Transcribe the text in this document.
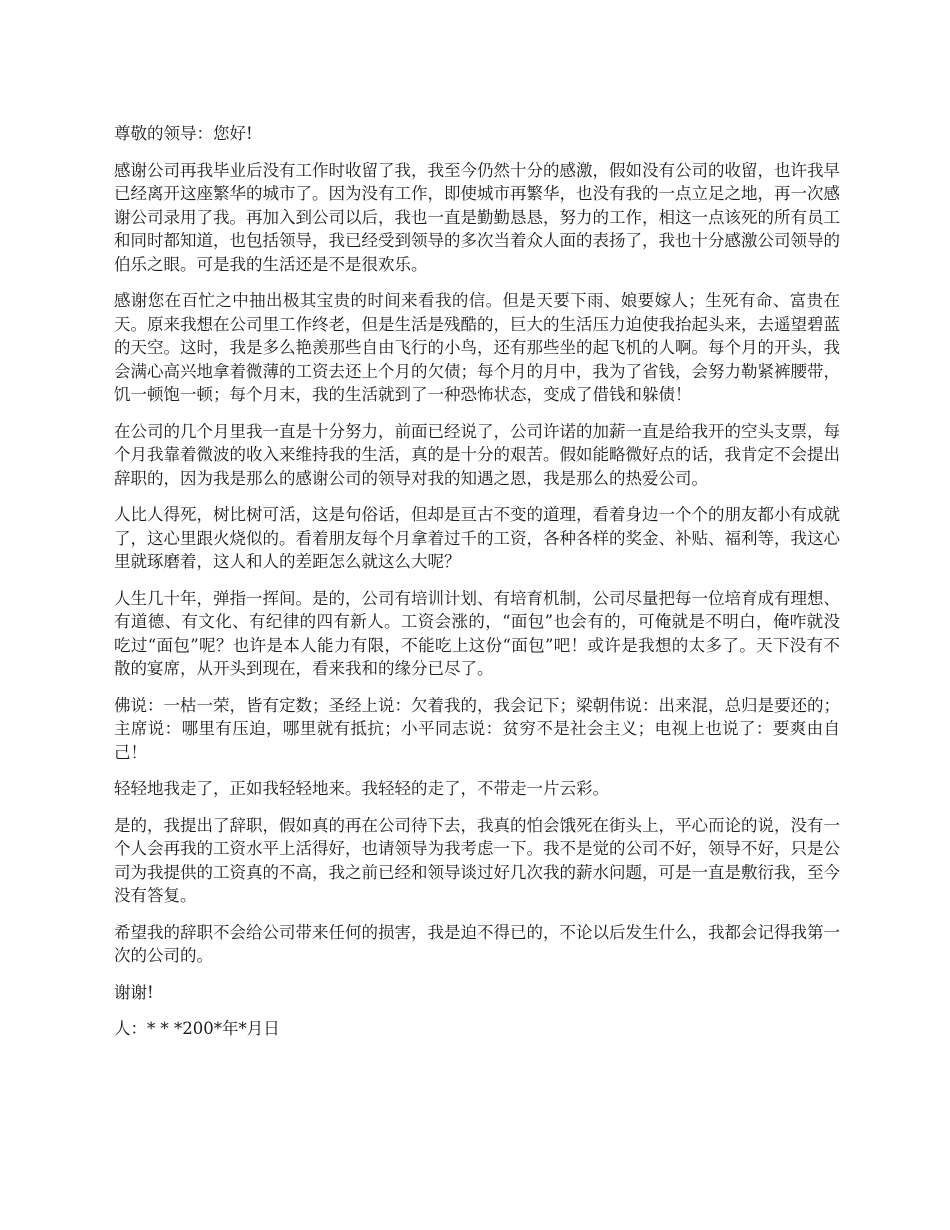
尊敬的领导：您好!

感谢公司再我毕业后没有工作时收留了我，我至今仍然十分的感激，假如没有公司的收留，也许我早已经离开这座繁华的城市了。因为没有工作，即使城市再繁华，也没有我的一点立足之地，再一次感谢公司录用了我。再加入到公司以后，我也一直是勤勤恳恳，努力的工作，相这一点该死的所有员工和同时都知道，也包括领导，我已经受到领导的多次当着众人面的表扬了，我也十分感激公司领导的伯乐之眼。可是我的生活还是不是很欢乐。

感谢您在百忙之中抽出极其宝贵的时间来看我的信。但是天要下雨、娘要嫁人；生死有命、富贵在天。原来我想在公司里工作终老，但是生活是残酷的，巨大的生活压力迫使我抬起头来，去遥望碧蓝的天空。这时，我是多么艳羡那些自由飞行的小鸟，还有那些坐的起飞机的人啊。每个月的开头，我会满心高兴地拿着微薄的工资去还上个月的欠债；每个月的月中，我为了省钱，会努力勒紧裤腰带，饥一顿饱一顿；每个月末，我的生活就到了一种恐怖状态，变成了借钱和躲债！

在公司的几个月里我一直是十分努力，前面已经说了，公司许诺的加薪一直是给我开的空头支票，每个月我靠着微波的收入来维持我的生活，真的是十分的艰苦。假如能略微好点的话，我肯定不会提出辞职的，因为我是那么的感谢公司的领导对我的知遇之恩，我是那么的热爱公司。

人比人得死，树比树可活，这是句俗话，但却是亘古不变的道理，看着身边一个个的朋友都小有成就了，这心里跟火烧似的。看着朋友每个月拿着过千的工资，各种各样的奖金、补贴、福利等，我这心里就琢磨着，这人和人的差距怎么就这么大呢？

人生几十年，弹指一挥间。是的，公司有培训计划、有培育机制，公司尽量把每一位培育成有理想、有道德、有文化、有纪律的四有新人。工资会涨的，“面包”也会有的，可俺就是不明白，俺咋就没吃过“面包”呢？也许是本人能力有限，不能吃上这份“面包”吧！或许是我想的太多了。天下没有不散的宴席，从开头到现在，看来我和的缘分已尽了。

佛说：一枯一荣，皆有定数；圣经上说：欠着我的，我会记下；梁朝伟说：出来混，总归是要还的；主席说：哪里有压迫，哪里就有抵抗；小平同志说：贫穷不是社会主义；电视上也说了：要爽由自己！

轻轻地我走了，正如我轻轻地来。我轻轻的走了，不带走一片云彩。

是的，我提出了辞职，假如真的再在公司待下去，我真的怕会饿死在街头上，平心而论的说，没有一个人会再我的工资水平上活得好，也请领导为我考虑一下。我不是觉的公司不好，领导不好，只是公司为我提供的工资真的不高，我之前已经和领导谈过好几次我的薪水问题，可是一直是敷衍我，至今没有答复。

希望我的辞职不会给公司带来任何的损害，我是迫不得已的，不论以后发生什么，我都会记得我第一次的公司的。

谢谢!

人：* * *200*年*月日
